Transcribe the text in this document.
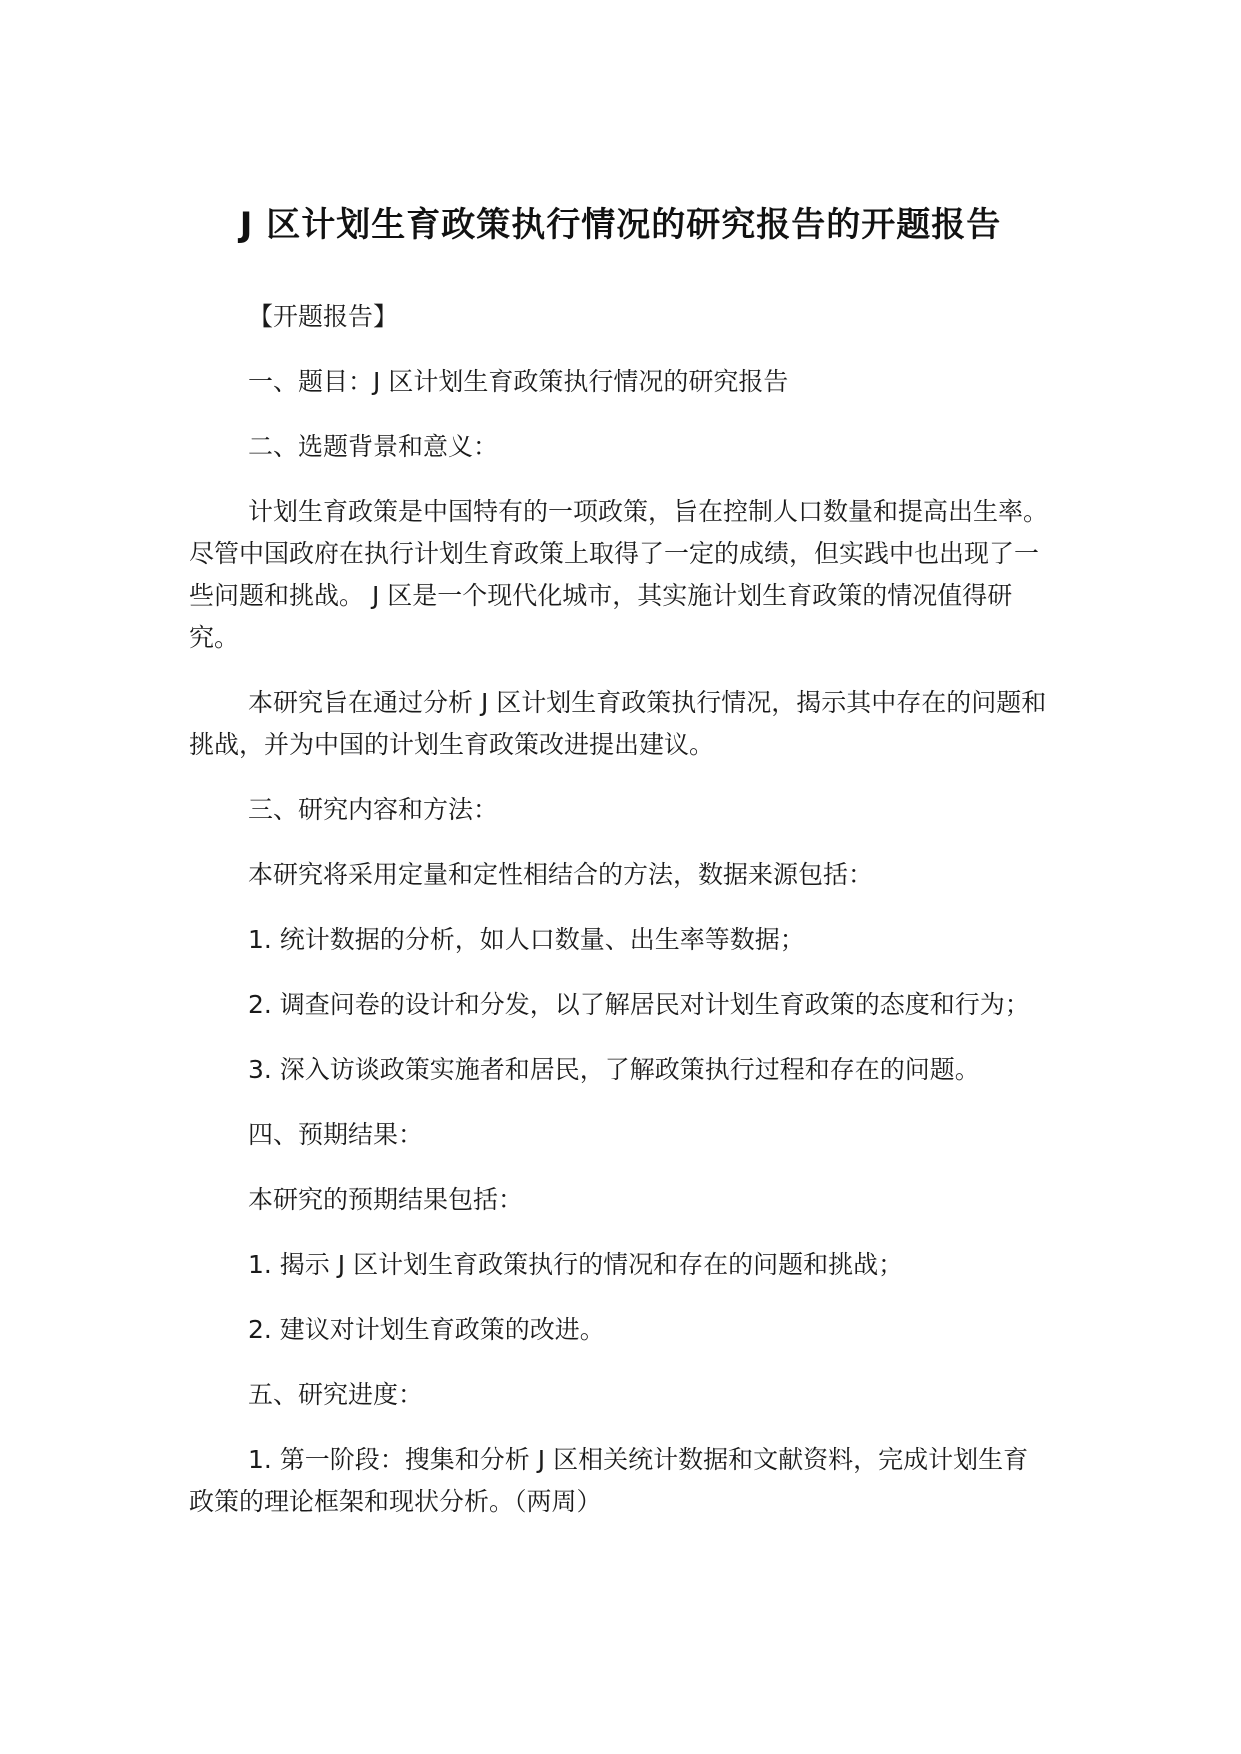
J 区计划生育政策执行情况的研究报告的开题报告

【开题报告】

一、题目：J 区计划生育政策执行情况的研究报告

二、选题背景和意义：

计划生育政策是中国特有的一项政策，旨在控制人口数量和提高出生率。尽管中国政府在执行计划生育政策上取得了一定的成绩，但实践中也出现了一些问题和挑战。 J 区是一个现代化城市，其实施计划生育政策的情况值得研究。

本研究旨在通过分析 J 区计划生育政策执行情况，揭示其中存在的问题和挑战，并为中国的计划生育政策改进提出建议。

三、研究内容和方法：

本研究将采用定量和定性相结合的方法，数据来源包括：

1. 统计数据的分析，如人口数量、出生率等数据；

2. 调查问卷的设计和分发，以了解居民对计划生育政策的态度和行为；

3. 深入访谈政策实施者和居民，了解政策执行过程和存在的问题。

四、预期结果：

本研究的预期结果包括：

1. 揭示 J 区计划生育政策执行的情况和存在的问题和挑战；

2. 建议对计划生育政策的改进。

五、研究进度：

1. 第一阶段：搜集和分析 J 区相关统计数据和文献资料，完成计划生育政策的理论框架和现状分析。（两周）
